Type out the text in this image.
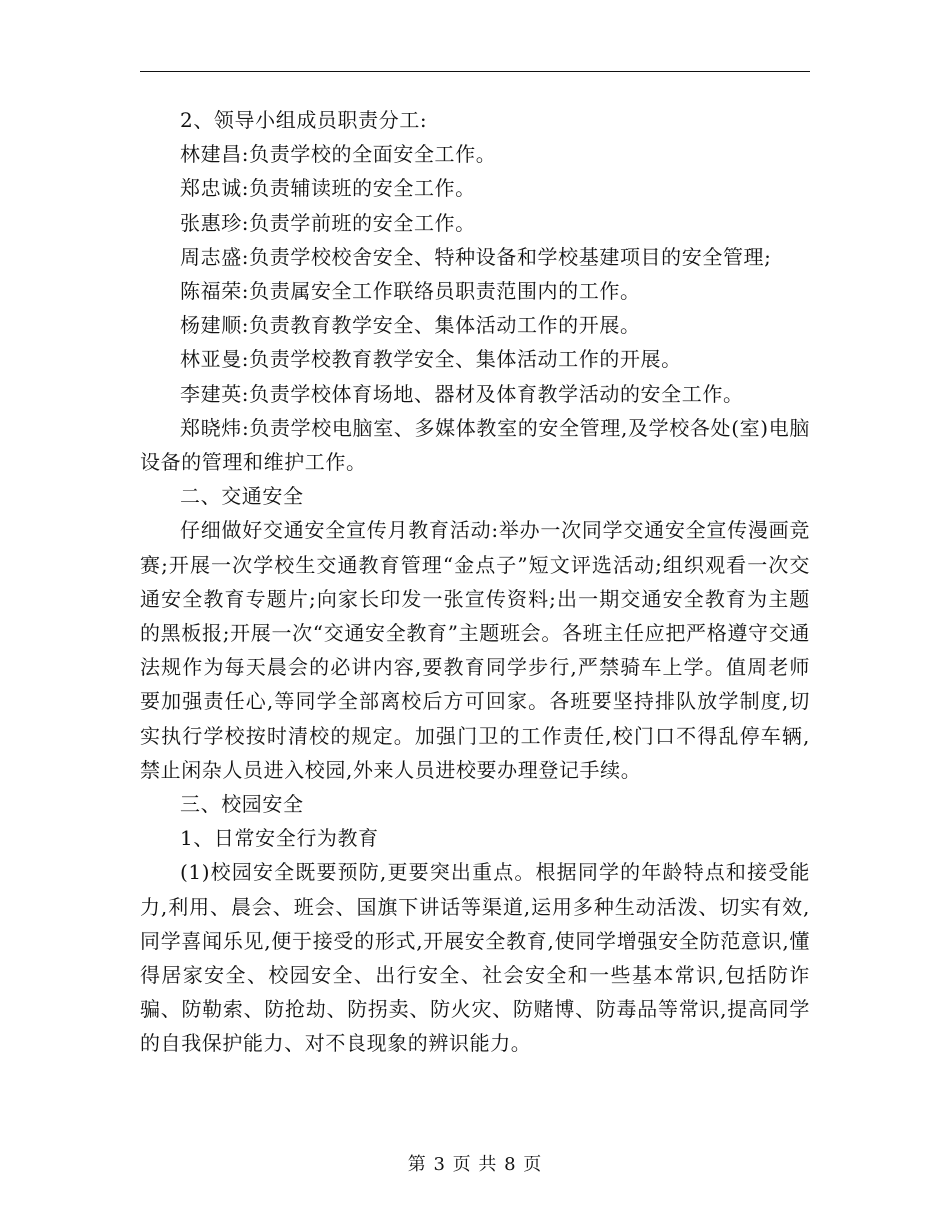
2、领导小组成员职责分工:

林建昌:负责学校的全面安全工作。

郑忠诚:负责辅读班的安全工作。

张惠珍:负责学前班的安全工作。

周志盛:负责学校校舍安全、特种设备和学校基建项目的安全管理;

陈福荣:负责属安全工作联络员职责范围内的工作。

杨建顺:负责教育教学安全、集体活动工作的开展。

林亚曼:负责学校教育教学安全、集体活动工作的开展。

李建英:负责学校体育场地、器材及体育教学活动的安全工作。

郑晓炜:负责学校电脑室、多媒体教室的安全管理,及学校各处(室)电脑设备的管理和维护工作。

二、交通安全

仔细做好交通安全宣传月教育活动:举办一次同学交通安全宣传漫画竞赛;开展一次学校生交通教育管理“金点子”短文评选活动;组织观看一次交通安全教育专题片;向家长印发一张宣传资料;出一期交通安全教育为主题的黑板报;开展一次“交通安全教育”主题班会。各班主任应把严格遵守交通法规作为每天晨会的必讲内容,要教育同学步行,严禁骑车上学。值周老师要加强责任心,等同学全部离校后方可回家。各班要坚持排队放学制度,切实执行学校按时清校的规定。加强门卫的工作责任,校门口不得乱停车辆,禁止闲杂人员进入校园,外来人员进校要办理登记手续。

三、校园安全

1、日常安全行为教育

(1)校园安全既要预防,更要突出重点。根据同学的年龄特点和接受能力,利用、晨会、班会、国旗下讲话等渠道,运用多种生动活泼、切实有效,同学喜闻乐见,便于接受的形式,开展安全教育,使同学增强安全防范意识,懂得居家安全、校园安全、出行安全、社会安全和一些基本常识,包括防诈骗、防勒索、防抢劫、防拐卖、防火灾、防赌博、防毒品等常识,提高同学的自我保护能力、对不良现象的辨识能力。

第 3 页 共 8 页
